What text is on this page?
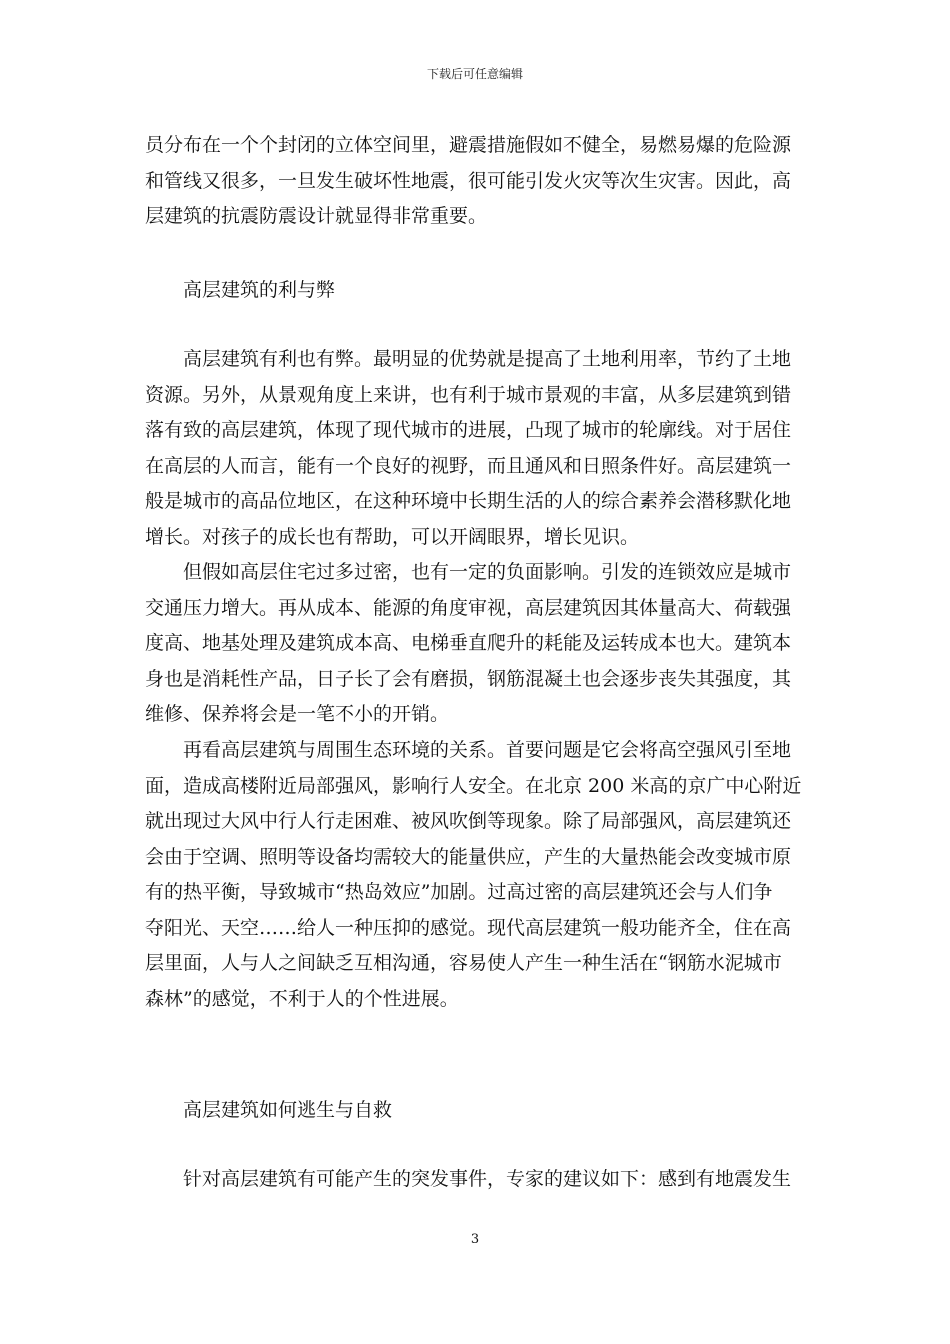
下载后可任意编辑

员分布在一个个封闭的立体空间里，避震措施假如不健全，易燃易爆的危险源
和管线又很多，一旦发生破坏性地震，很可能引发火灾等次生灾害。因此，高
层建筑的抗震防震设计就显得非常重要。

高层建筑的利与弊

高层建筑有利也有弊。最明显的优势就是提高了土地利用率，节约了土地
资源。另外，从景观角度上来讲，也有利于城市景观的丰富，从多层建筑到错
落有致的高层建筑，体现了现代城市的进展，凸现了城市的轮廓线。对于居住
在高层的人而言，能有一个良好的视野，而且通风和日照条件好。高层建筑一
般是城市的高品位地区，在这种环境中长期生活的人的综合素养会潜移默化地
增长。对孩子的成长也有帮助，可以开阔眼界，增长见识。

但假如高层住宅过多过密，也有一定的负面影响。引发的连锁效应是城市
交通压力增大。再从成本、能源的角度审视，高层建筑因其体量高大、荷载强
度高、地基处理及建筑成本高、电梯垂直爬升的耗能及运转成本也大。建筑本
身也是消耗性产品，日子长了会有磨损，钢筋混凝土也会逐步丧失其强度，其
维修、保养将会是一笔不小的开销。

再看高层建筑与周围生态环境的关系。首要问题是它会将高空强风引至地
面，造成高楼附近局部强风，影响行人安全。在北京 200 米高的京广中心附近
就出现过大风中行人行走困难、被风吹倒等现象。除了局部强风，高层建筑还
会由于空调、照明等设备均需较大的能量供应，产生的大量热能会改变城市原
有的热平衡，导致城市“热岛效应”加剧。过高过密的高层建筑还会与人们争
夺阳光、天空……给人一种压抑的感觉。现代高层建筑一般功能齐全，住在高
层里面，人与人之间缺乏互相沟通，容易使人产生一种生活在“钢筋水泥城市
森林”的感觉，不利于人的个性进展。

高层建筑如何逃生与自救

针对高层建筑有可能产生的突发事件，专家的建议如下：感到有地震发生

3
